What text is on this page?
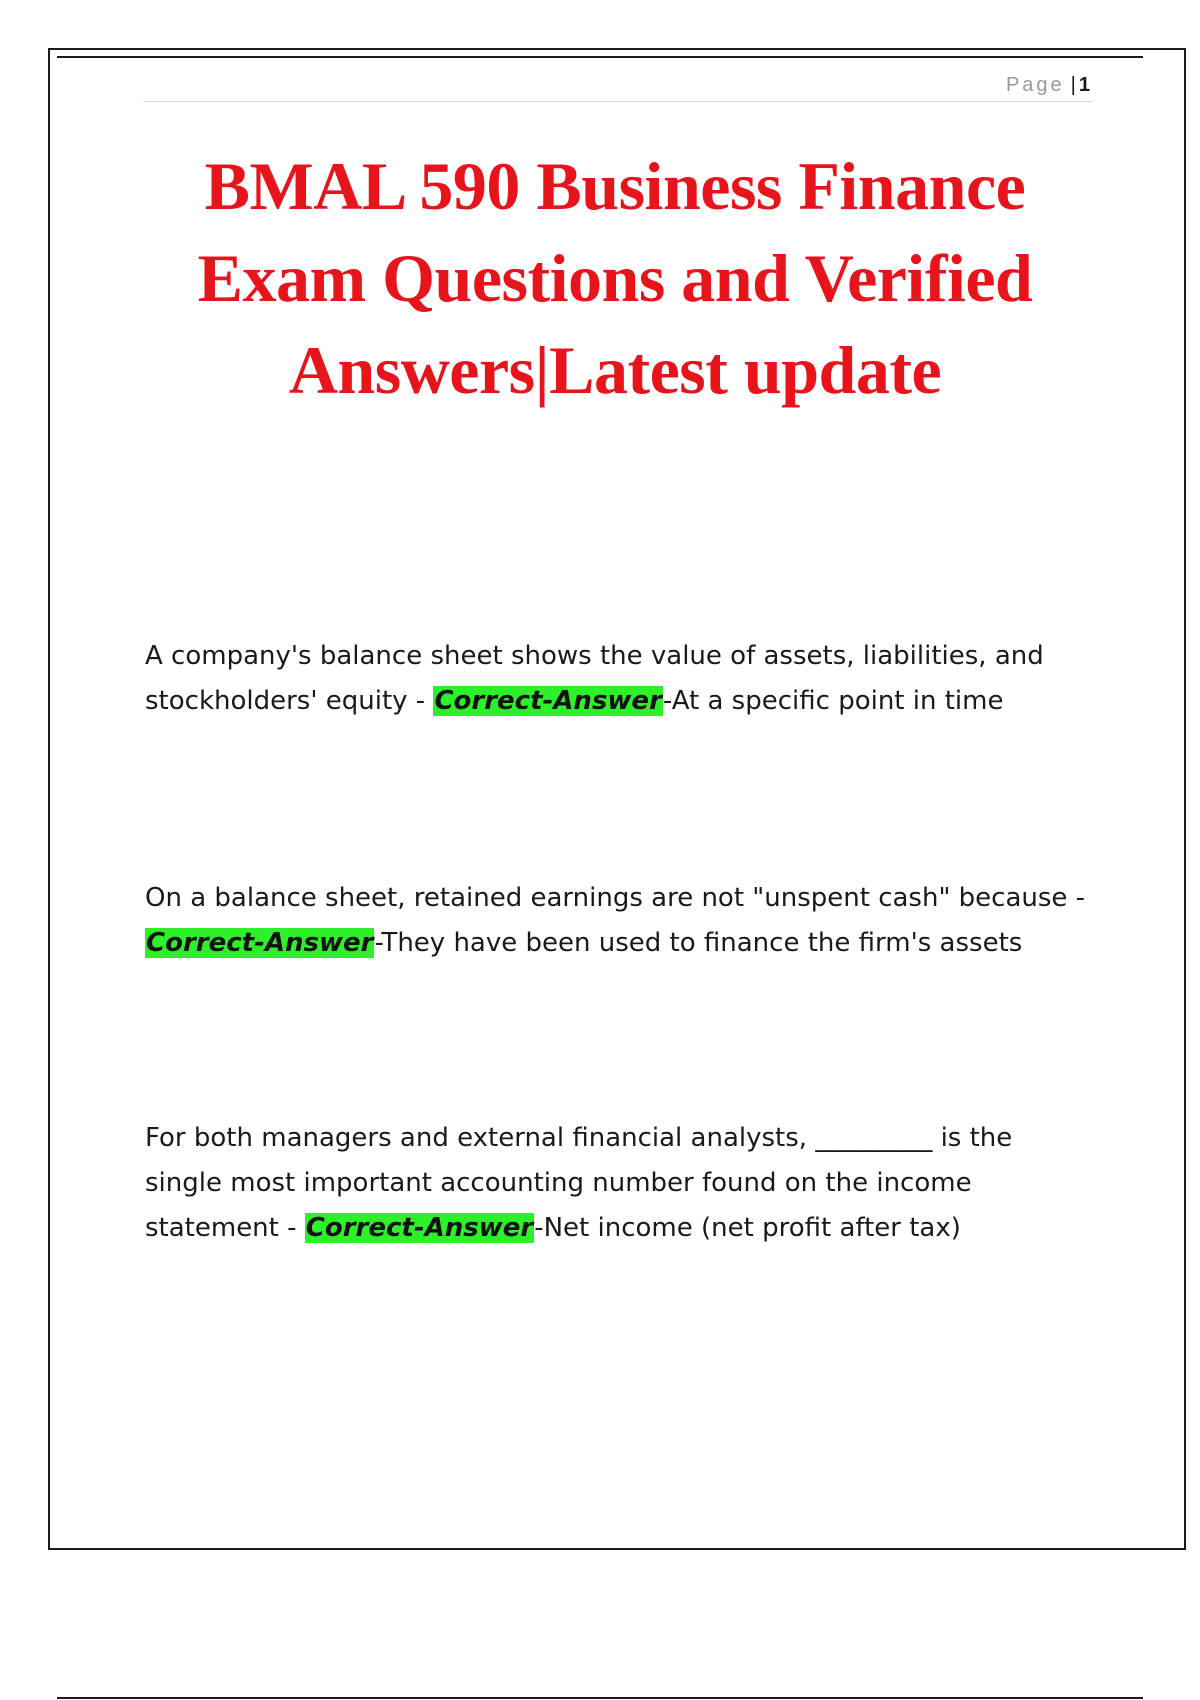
Page |1
BMAL 590 Business Finance
Exam Questions and Verified
Answers|Latest update

A company's balance sheet shows the value of assets, liabilities, and stockholders' equity - Correct-Answer-At a specific point in time

On a balance sheet, retained earnings are not "unspent cash" because - Correct-Answer-They have been used to finance the firm's assets

For both managers and external financial analysts, _________ is the single most important accounting number found on the income statement - Correct-Answer-Net income (net profit after tax)
